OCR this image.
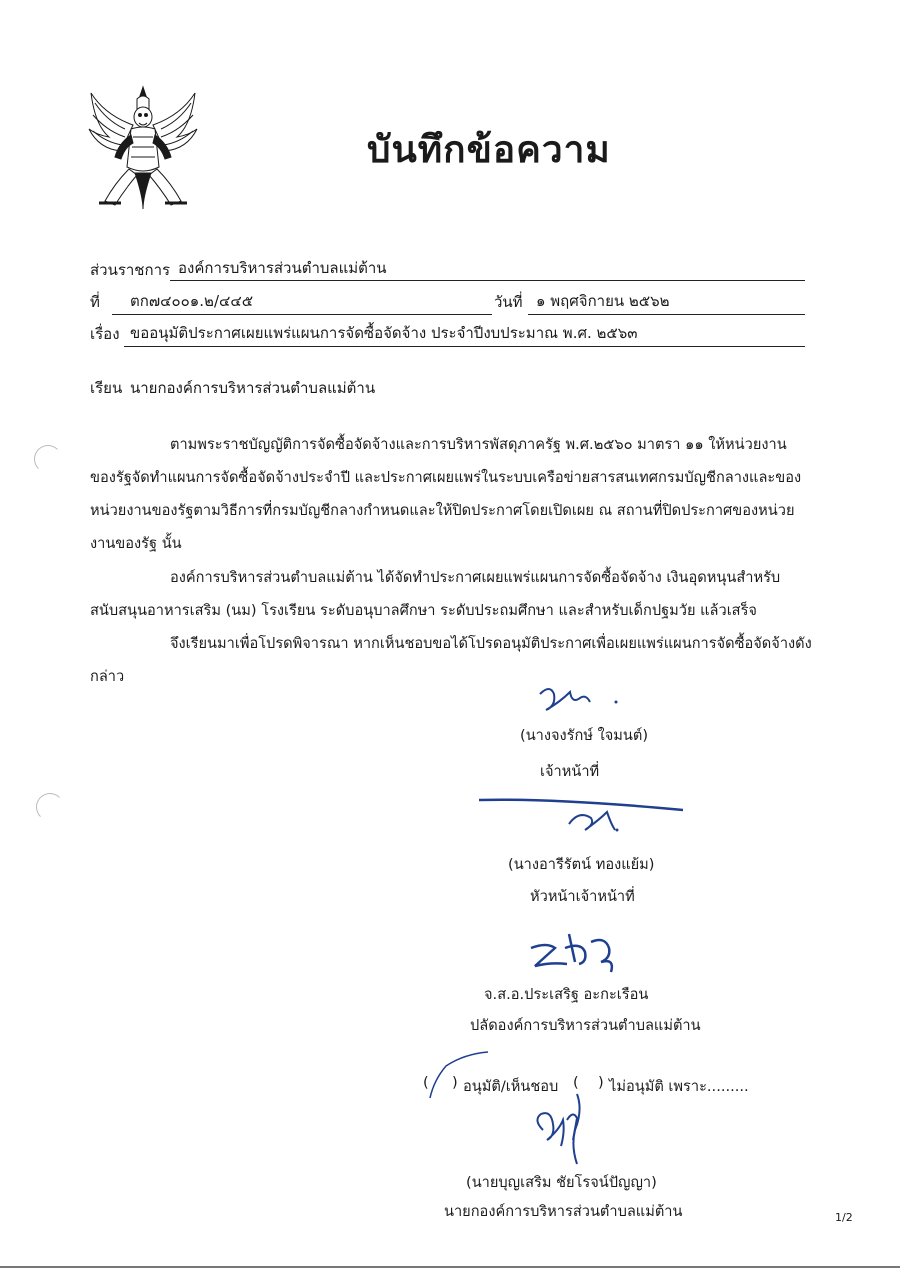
บันทึกข้อความ
ส่วนราชการ องค์การบริหารส่วนตำบลแม่ต้าน
ที่ ตก๗๔๐๐๑.๒/๔๔๕	วันที่ ๑ พฤศจิกายน ๒๕๖๒
เรื่อง ขออนุมัติประกาศเผยแพร่แผนการจัดซื้อจัดจ้าง ประจำปีงบประมาณ พ.ศ. ๒๕๖๓
เรียน นายกองค์การบริหารส่วนตำบลแม่ต้าน
ตามพระราชบัญญัติการจัดซื้อจัดจ้างและการบริหารพัสดุภาครัฐ พ.ศ.๒๕๖๐ มาตรา ๑๑ ให้หน่วยงาน
ของรัฐจัดทำแผนการจัดซื้อจัดจ้างประจำปี และประกาศเผยแพร่ในระบบเครือข่ายสารสนเทศกรมบัญชีกลางและของ
หน่วยงานของรัฐตามวิธีการที่กรมบัญชีกลางกำหนดและให้ปิดประกาศโดยเปิดเผย ณ สถานที่ปิดประกาศของหน่วย
งานของรัฐ นั้น
องค์การบริหารส่วนตำบลแม่ต้าน ได้จัดทำประกาศเผยแพร่แผนการจัดซื้อจัดจ้าง เงินอุดหนุนสำหรับ
สนับสนุนอาหารเสริม (นม) โรงเรียน ระดับอนุบาลศึกษา ระดับประถมศึกษา และสำหรับเด็กปฐมวัย แล้วเสร็จ
จึงเรียนมาเพื่อโปรดพิจารณา หากเห็นชอบขอได้โปรดอนุมัติประกาศเพื่อเผยแพร่แผนการจัดซื้อจัดจ้างดัง
กล่าว
(นางจงรักษ์ ใจมนต์)
เจ้าหน้าที่
(นางอารีรัตน์ ทองแย้ม)
หัวหน้าเจ้าหน้าที่
จ.ส.อ.ประเสริฐ อะกะเรือน
ปลัดองค์การบริหารส่วนตำบลแม่ต้าน
( ) อนุมัติ/เห็นชอบ ( ) ไม่อนุมัติ เพราะ.........
(นายบุญเสริม ชัยโรจน์ปัญญา)
นายกองค์การบริหารส่วนตำบลแม่ต้าน	1/2
